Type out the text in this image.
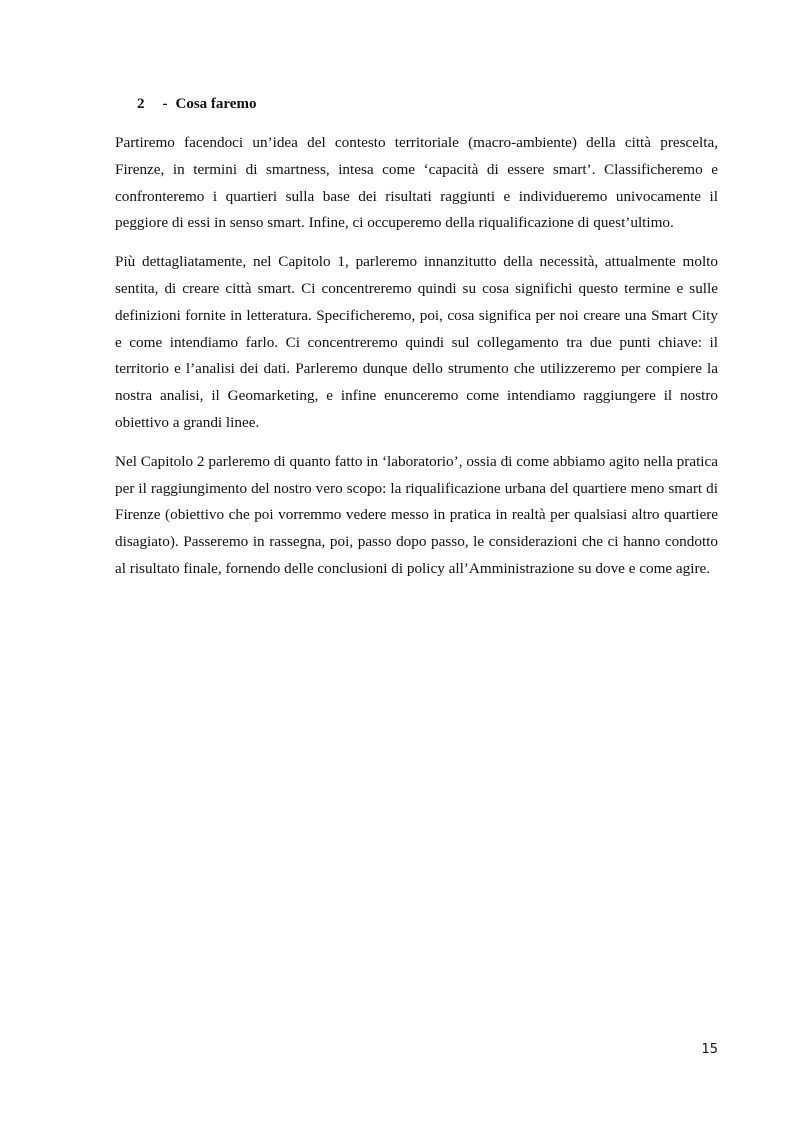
2 - Cosa faremo

Partiremo facendoci un’idea del contesto territoriale (macro-ambiente) della città prescelta, Firenze, in termini di smartness, intesa come ‘capacità di essere smart’. Classificheremo e confronteremo i quartieri sulla base dei risultati raggiunti e individueremo univocamente il peggiore di essi in senso smart. Infine, ci occuperemo della riqualificazione di quest’ultimo.

Più dettagliatamente, nel Capitolo 1, parleremo innanzitutto della necessità, attualmente molto sentita, di creare città smart. Ci concentreremo quindi su cosa significhi questo termine e sulle definizioni fornite in letteratura. Specificheremo, poi, cosa significa per noi creare una Smart City e come intendiamo farlo. Ci concentreremo quindi sul collegamento tra due punti chiave: il territorio e l’analisi dei dati. Parleremo dunque dello strumento che utilizzeremo per compiere la nostra analisi, il Geomarketing, e infine enunceremo come intendiamo raggiungere il nostro obiettivo a grandi linee.

Nel Capitolo 2 parleremo di quanto fatto in ‘laboratorio’, ossia di come abbiamo agito nella pratica per il raggiungimento del nostro vero scopo: la riqualificazione urbana del quartiere meno smart di Firenze (obiettivo che poi vorremmo vedere messo in pratica in realtà per qualsiasi altro quartiere disagiato). Passeremo in rassegna, poi, passo dopo passo, le considerazioni che ci hanno condotto al risultato finale, fornendo delle conclusioni di policy all’Amministrazione su dove e come agire.

15
